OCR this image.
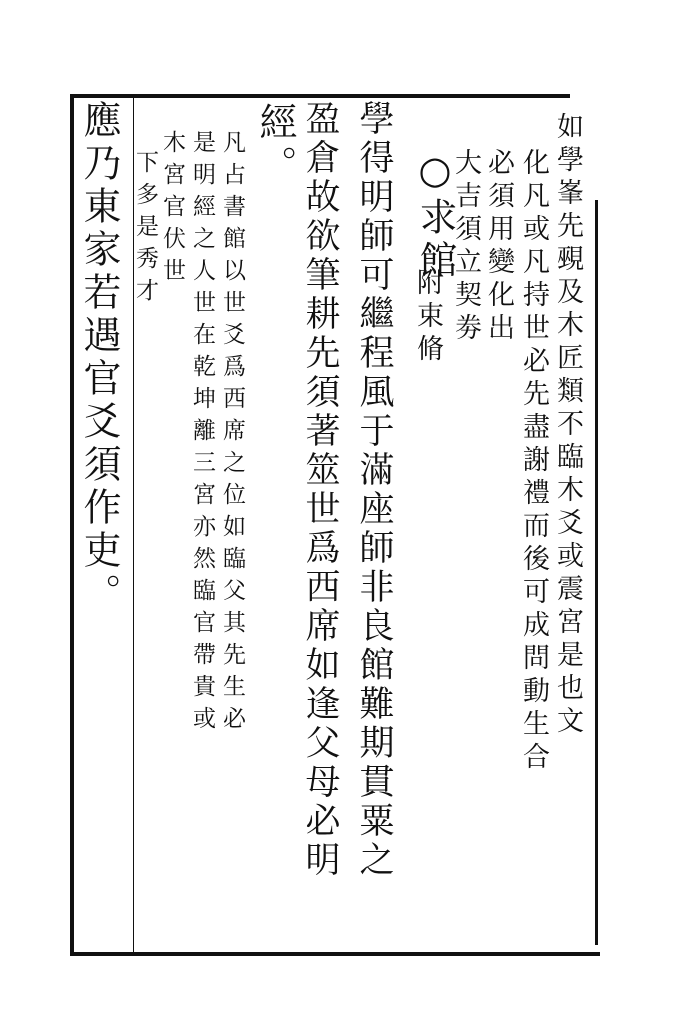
如學峯先覡及木匠類不臨木爻或震宮是也文
化凡或凡持世必先盡謝禮而後可成問動生合
必須用變化出
大吉須立契劵
○求館
附束脩
學得明師可繼程風于滿座師非良館難期貫粟之
盈倉故欲筆耕先須著筮世爲西席如逢父母必明
經。
凡占書館以世爻爲西席之位如臨父其先生必
是明經之人世在乾坤離三宮亦然臨官帶貴或
木宮官伏世
下多是秀才
應乃東家若遇官爻須作吏。
